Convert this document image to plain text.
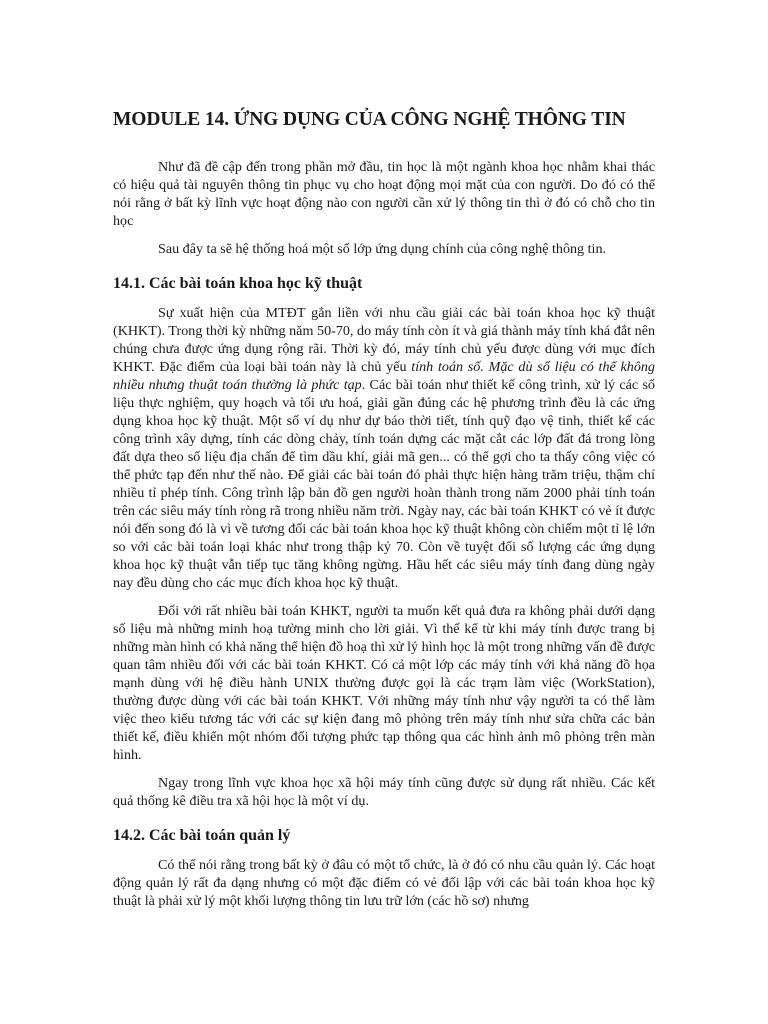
MODULE 14. ỨNG DỤNG CỦA CÔNG NGHỆ THÔNG TIN

Như đã đề cập đến trong phần mở đầu, tin học là một ngành khoa học nhằm khai thác có hiệu quả tài nguyên thông tin phục vụ cho hoạt động mọi mặt của con người. Do đó có thể nói rằng ở bất kỳ lĩnh vực hoạt động nào con người cần xử lý thông tin thì ở đó có chỗ cho tin học

Sau đây ta sẽ hệ thống hoá một số lớp ứng dụng chính của công nghệ thông tin.

14.1. Các bài toán khoa học kỹ thuật

Sự xuất hiện của MTĐT gắn liền với nhu cầu giải các bài toán khoa học kỹ thuật (KHKT). Trong thời kỳ những năm 50-70, do máy tính còn ít và giá thành máy tính khá đắt nên chúng chưa được ứng dụng rộng rãi. Thời kỳ đó, máy tính chủ yếu được dùng với mục đích KHKT. Đặc điểm của loại bài toán này là chủ yếu tính toán số. Mặc dù số liệu có thể không nhiều nhưng thuật toán thường là phức tạp. Các bài toán như thiết kế công trình, xử lý các số liệu thực nghiệm, quy hoạch và tối ưu hoá, giải gần đúng các hệ phương trình đều là các ứng dụng khoa học kỹ thuật. Một số ví dụ như dự báo thời tiết, tính quỹ đạo vệ tinh, thiết kế các công trình xây dựng, tính các dòng chảy, tính toán dựng các mặt cắt các lớp đất đá trong lòng đất dựa theo số liệu địa chấn để tìm dầu khí, giải mã gen... có thể gợi cho ta thấy công việc có thể phức tạp đến như thế nào. Để giải các bài toán đó phải thực hiện hàng trăm triệu, thậm chí nhiều tỉ phép tính. Công trình lập bản đồ gen người hoàn thành trong năm 2000 phải tính toán trên các siêu máy tính ròng rã trong nhiều năm trời. Ngày nay, các bài toán KHKT có vẻ ít được nói đến song đó là vì về tương đối các bài toán khoa học kỹ thuật không còn chiếm một tỉ lệ lớn so với các bài toán loại khác như trong thập kỷ 70. Còn về tuyệt đối số lượng các ứng dụng khoa học kỹ thuật vẫn tiếp tục tăng không ngừng. Hầu hết các siêu máy tính đang dùng ngày nay đều dùng cho các mục đích khoa học kỹ thuật.

Đối với rất nhiều bài toán KHKT, người ta muốn kết quả đưa ra không phải dưới dạng số liệu mà những minh hoạ tường minh cho lời giải. Vì thế kể từ khi máy tính được trang bị những màn hình có khả năng thể hiện đồ hoạ thì xử lý hình học là một trong những vấn đề được quan tâm nhiều đối với các bài toán KHKT. Có cả một lớp các máy tính với khả năng đồ họa mạnh dùng với hệ điều hành UNIX thường được gọi là các trạm làm việc (WorkStation), thường được dùng với các bài toán KHKT. Với những máy tính như vậy người ta có thể làm việc theo kiểu tương tác với các sự kiện đang mô phỏng trên máy tính như sửa chữa các bản thiết kế, điều khiển một nhóm đối tượng phức tạp thông qua các hình ảnh mô phỏng trên màn hình.

Ngay trong lĩnh vực khoa học xã hội máy tính cũng được sử dụng rất nhiều. Các kết quả thống kê điều tra xã hội học là một ví dụ.

14.2. Các bài toán quản lý

Có thể nói rằng trong bất kỳ ở đâu có một tổ chức, là ở đó có nhu cầu quản lý. Các hoạt động quản lý rất đa dạng nhưng có một đặc điểm có vẻ đối lập với các bài toán khoa học kỹ thuật là phải xử lý một khối lượng thông tin lưu trữ lớn (các hồ sơ) nhưng
